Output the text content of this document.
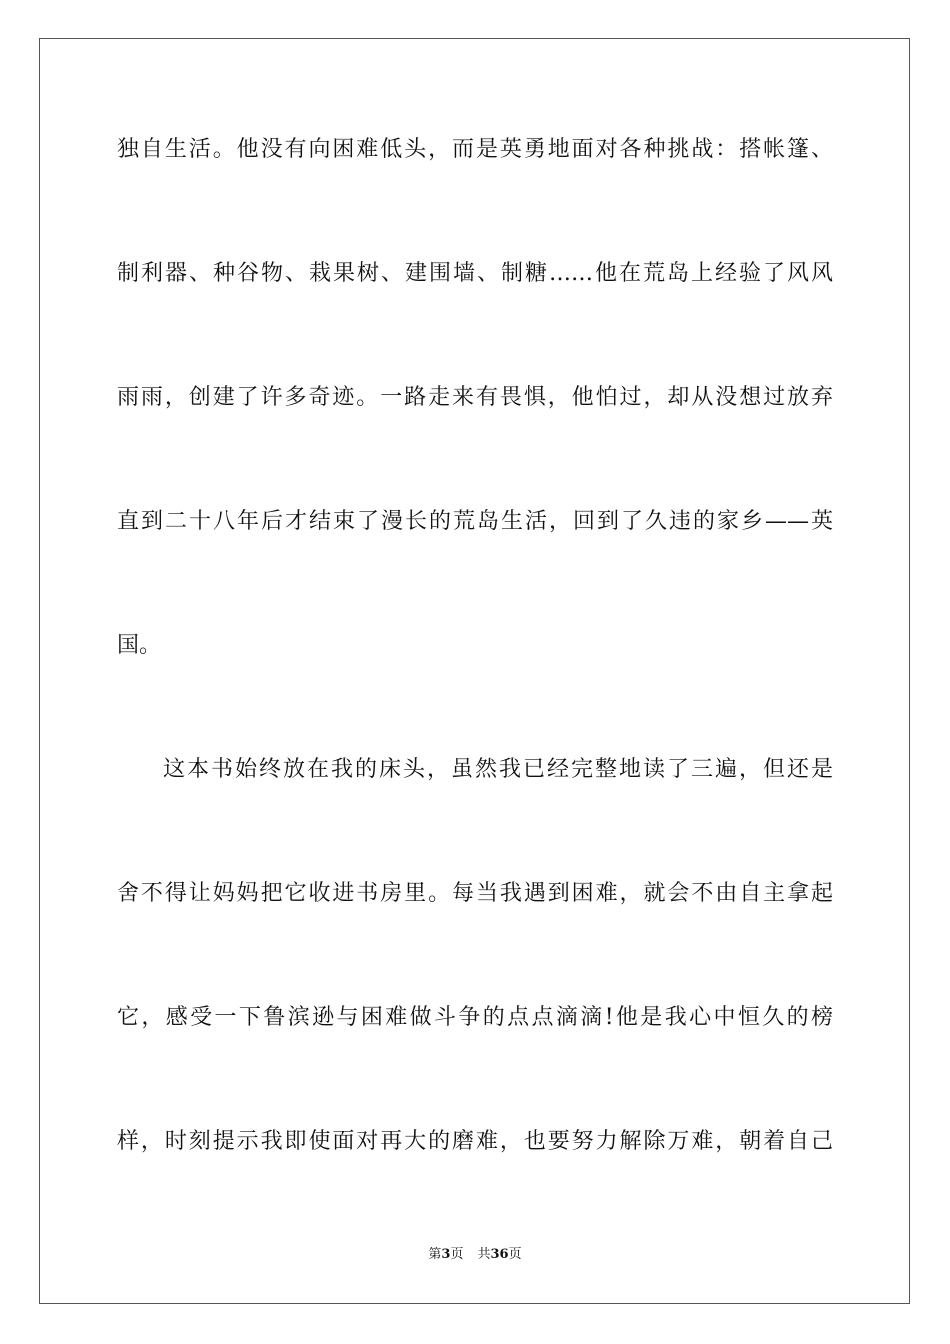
独自生活。他没有向困难低头，而是英勇地面对各种挑战：搭帐篷、
制利器、种谷物、栽果树、建围墙、制糖……他在荒岛上经验了风风
雨雨，创建了许多奇迹。一路走来有畏惧，他怕过，却从没想过放弃
直到二十八年后才结束了漫长的荒岛生活，回到了久违的家乡——英
国。
这本书始终放在我的床头，虽然我已经完整地读了三遍，但还是
舍不得让妈妈把它收进书房里。每当我遇到困难，就会不由自主拿起
它，感受一下鲁滨逊与困难做斗争的点点滴滴!他是我心中恒久的榜
样，时刻提示我即使面对再大的磨难，也要努力解除万难，朝着自己
第3页 共36页
